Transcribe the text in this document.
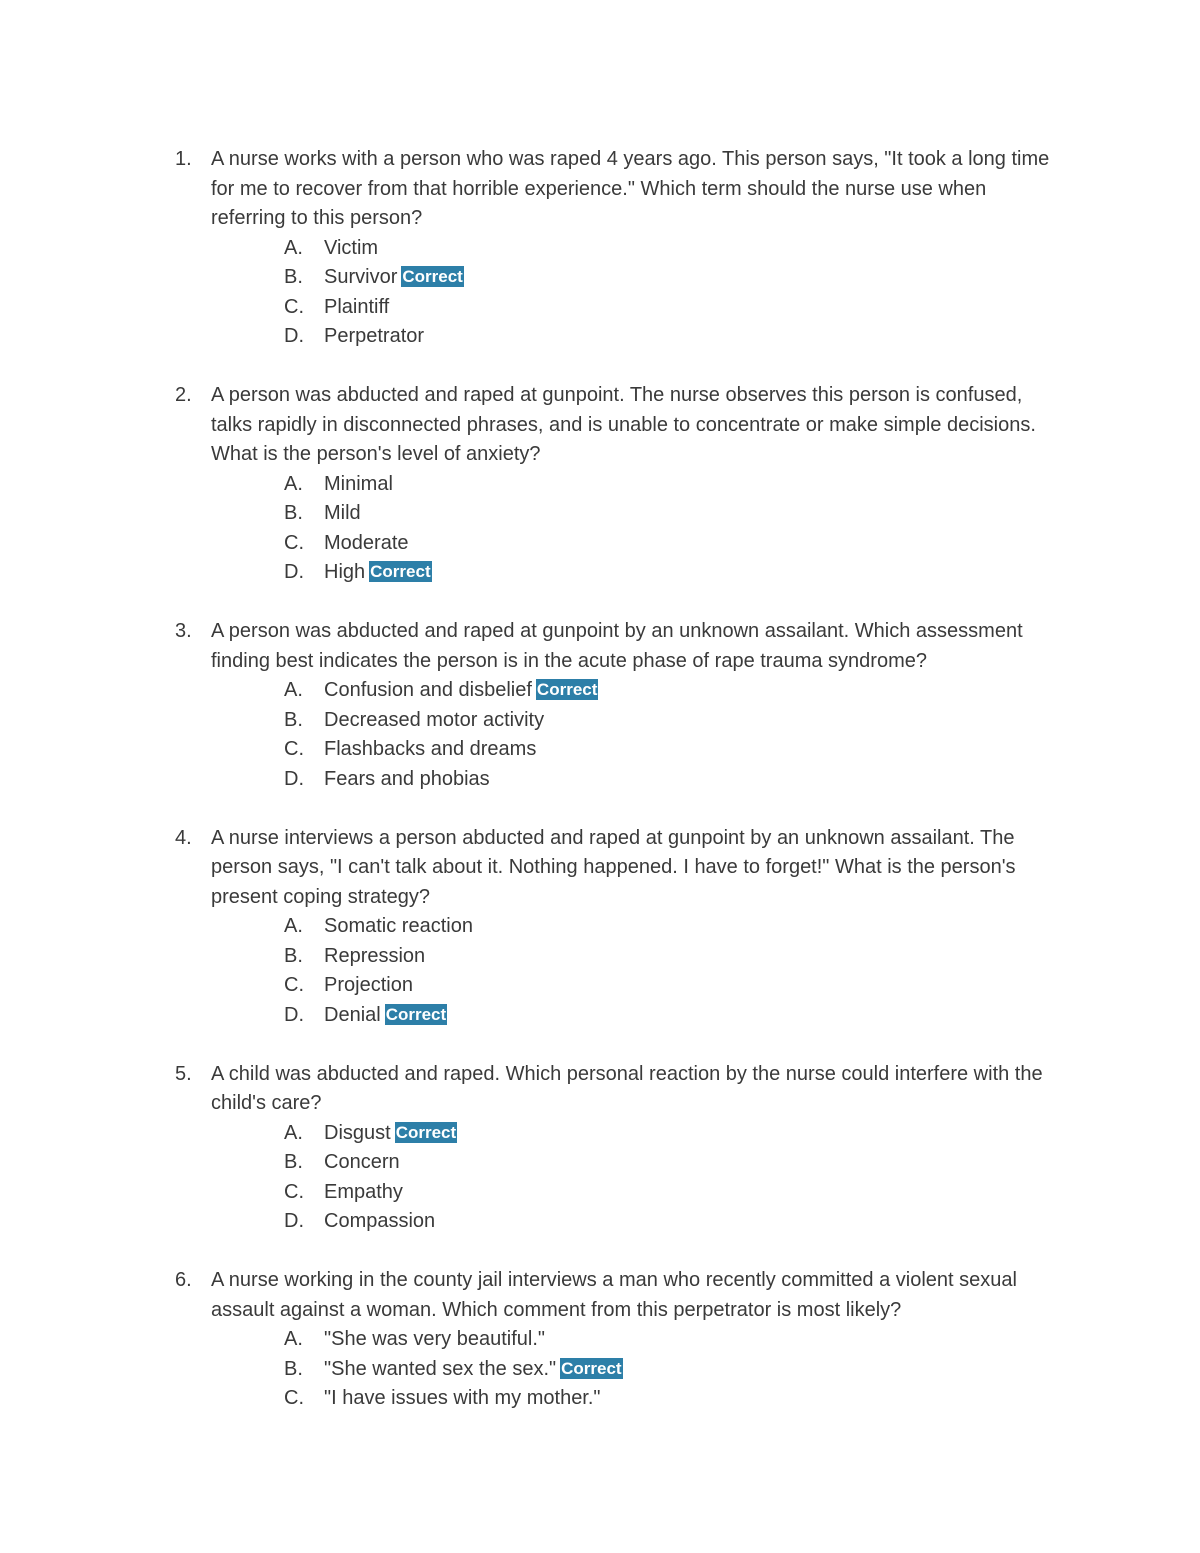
1. A nurse works with a person who was raped 4 years ago. This person says, "It took a long time for me to recover from that horrible experience." Which term should the nurse use when referring to this person?
A. Victim
B. Survivor Correct
C. Plaintiff
D. Perpetrator
2. A person was abducted and raped at gunpoint. The nurse observes this person is confused, talks rapidly in disconnected phrases, and is unable to concentrate or make simple decisions. What is the person's level of anxiety?
A. Minimal
B. Mild
C. Moderate
D. High Correct
3. A person was abducted and raped at gunpoint by an unknown assailant. Which assessment finding best indicates the person is in the acute phase of rape trauma syndrome?
A. Confusion and disbelief Correct
B. Decreased motor activity
C. Flashbacks and dreams
D. Fears and phobias
4. A nurse interviews a person abducted and raped at gunpoint by an unknown assailant. The person says, "I can't talk about it. Nothing happened. I have to forget!" What is the person's present coping strategy?
A. Somatic reaction
B. Repression
C. Projection
D. Denial Correct
5. A child was abducted and raped. Which personal reaction by the nurse could interfere with the child's care?
A. Disgust Correct
B. Concern
C. Empathy
D. Compassion
6. A nurse working in the county jail interviews a man who recently committed a violent sexual assault against a woman. Which comment from this perpetrator is most likely?
A. "She was very beautiful."
B. "She wanted sex the sex." Correct
C. "I have issues with my mother."
